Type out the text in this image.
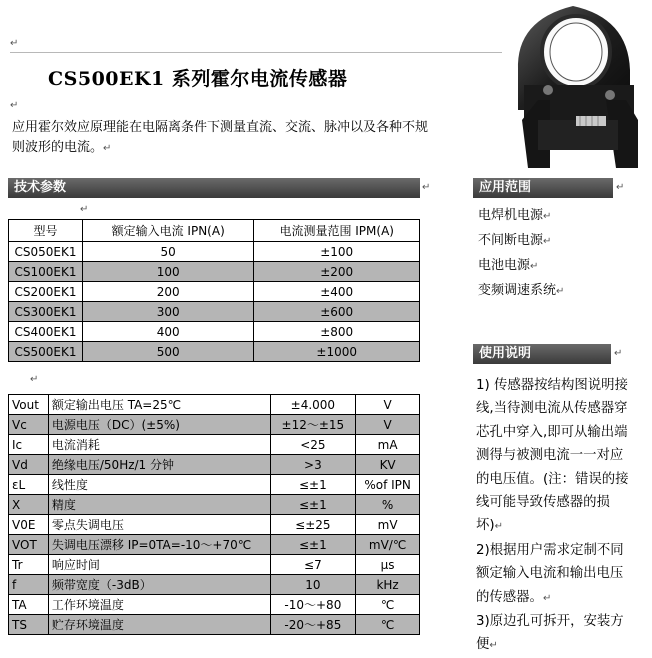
↵
CS500EK1 系列霍尔电流传感器
↵
应用霍尔效应原理能在电隔离条件下测量直流、交流、脉冲以及各种不规则波形的电流。↵
技术参数	↵
↵
型号	额定输入电流 IPN(A)	电流测量范围 IPM(A)
CS050EK1	50	±100
CS100EK1	100	±200
CS200EK1	200	±400
CS300EK1	300	±600
CS400EK1	400	±800
CS500EK1	500	±1000
↵
Vout	额定输出电压 TA=25℃	±4.000	V
Vc	电源电压（DC）(±5%)	±12～±15	V
Ic	电流消耗	<25	mA
Vd	绝缘电压/50Hz/1 分钟	>3	KV
εL	线性度	≤±1	%of IPN
X	精度	≤±1	%
V0E	零点失调电压	≤±25	mV
VOT	失调电压漂移 IP=0TA=-10～+70℃	≤±1	mV/℃
Tr	响应时间	≤7	μs
f	频带宽度（-3dB）	10	kHz
TA	工作环境温度	-10～+80	℃
TS	贮存环境温度	-20～+85	℃
应用范围	↵
电焊机电源↵
不间断电源↵
电池电源↵
变频调速系统↵
使用说明	↵
1) 传感器按结构图说明接线,当待测电流从传感器穿芯孔中穿入,即可从输出端测得与被测电流一一对应的电压值。(注：错误的接线可能导致传感器的损坏)↵
2)根据用户需求定制不同额定输入电流和输出电压的传感器。↵
3)原边孔可拆开，安装方便↵
